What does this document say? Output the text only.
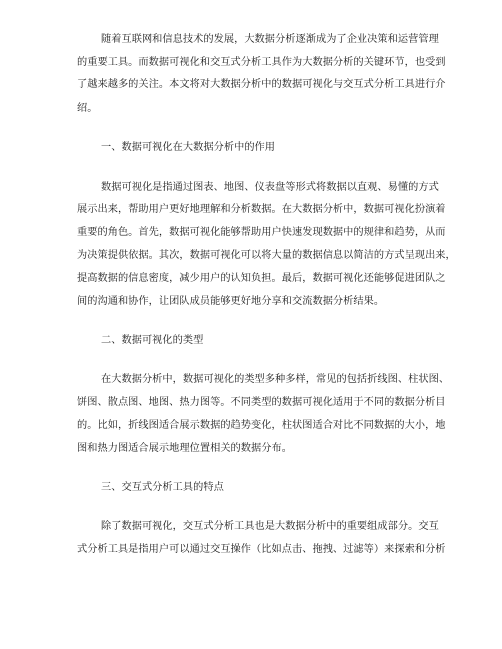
随着互联网和信息技术的发展，大数据分析逐渐成为了企业决策和运营管理
的重要工具。而数据可视化和交互式分析工具作为大数据分析的关键环节，也受到
了越来越多的关注。本文将对大数据分析中的数据可视化与交互式分析工具进行介
绍。
一、数据可视化在大数据分析中的作用
数据可视化是指通过图表、地图、仪表盘等形式将数据以直观、易懂的方式
展示出来，帮助用户更好地理解和分析数据。在大数据分析中，数据可视化扮演着
重要的角色。首先，数据可视化能够帮助用户快速发现数据中的规律和趋势，从而
为决策提供依据。其次，数据可视化可以将大量的数据信息以简洁的方式呈现出来，
提高数据的信息密度，减少用户的认知负担。最后，数据可视化还能够促进团队之
间的沟通和协作，让团队成员能够更好地分享和交流数据分析结果。
二、数据可视化的类型
在大数据分析中，数据可视化的类型多种多样，常见的包括折线图、柱状图、
饼图、散点图、地图、热力图等。不同类型的数据可视化适用于不同的数据分析目
的。比如，折线图适合展示数据的趋势变化，柱状图适合对比不同数据的大小，地
图和热力图适合展示地理位置相关的数据分布。
三、交互式分析工具的特点
除了数据可视化，交互式分析工具也是大数据分析中的重要组成部分。交互
式分析工具是指用户可以通过交互操作（比如点击、拖拽、过滤等）来探索和分析
